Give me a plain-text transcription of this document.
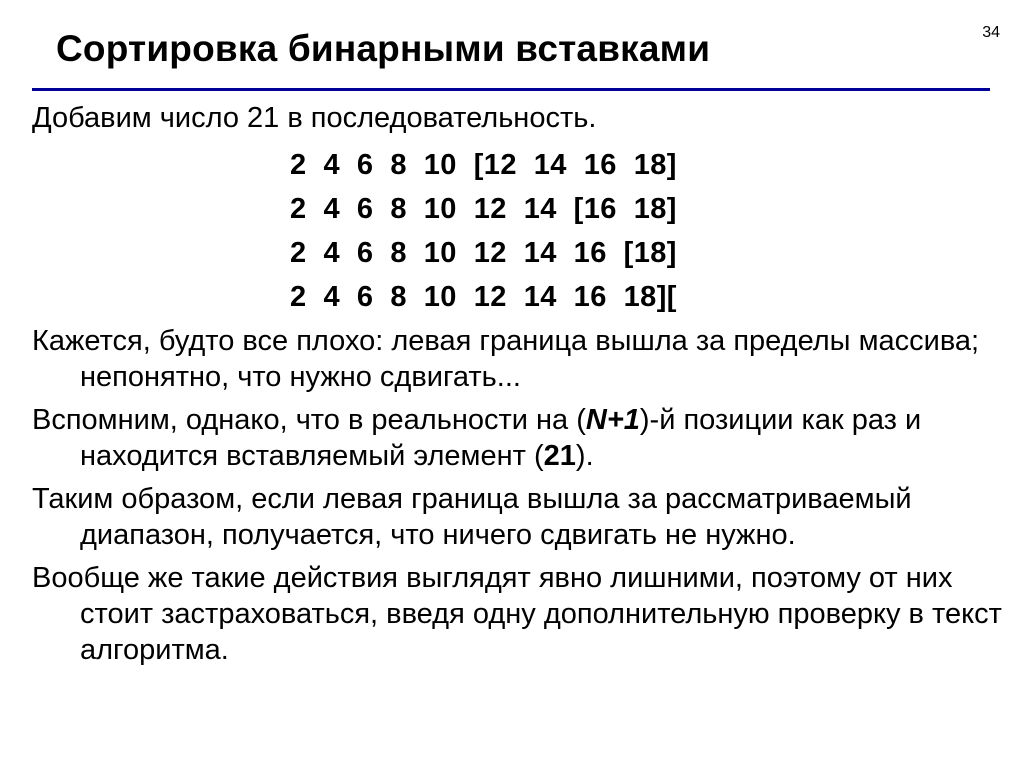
34
Сортировка бинарными вставками

Добавим число 21 в последовательность.

2  4  6  8  10  [12  14  16  18]

2  4  6  8  10  12  14  [16  18]

2  4  6  8  10  12  14  16  [18]

2  4  6  8  10  12  14  16  18][

Кажется, будто все плохо: левая граница вышла за пределы массива; непонятно, что нужно сдвигать...

Вспомним, однако, что в реальности на (N+1)-й позиции как раз и находится вставляемый элемент (21).

Таким образом, если левая граница вышла за рассматриваемый диапазон, получается, что ничего сдвигать не нужно.

Вообще же такие действия выглядят явно лишними, поэтому от них стоит застраховаться, введя одну дополнительную проверку в текст алгоритма.
